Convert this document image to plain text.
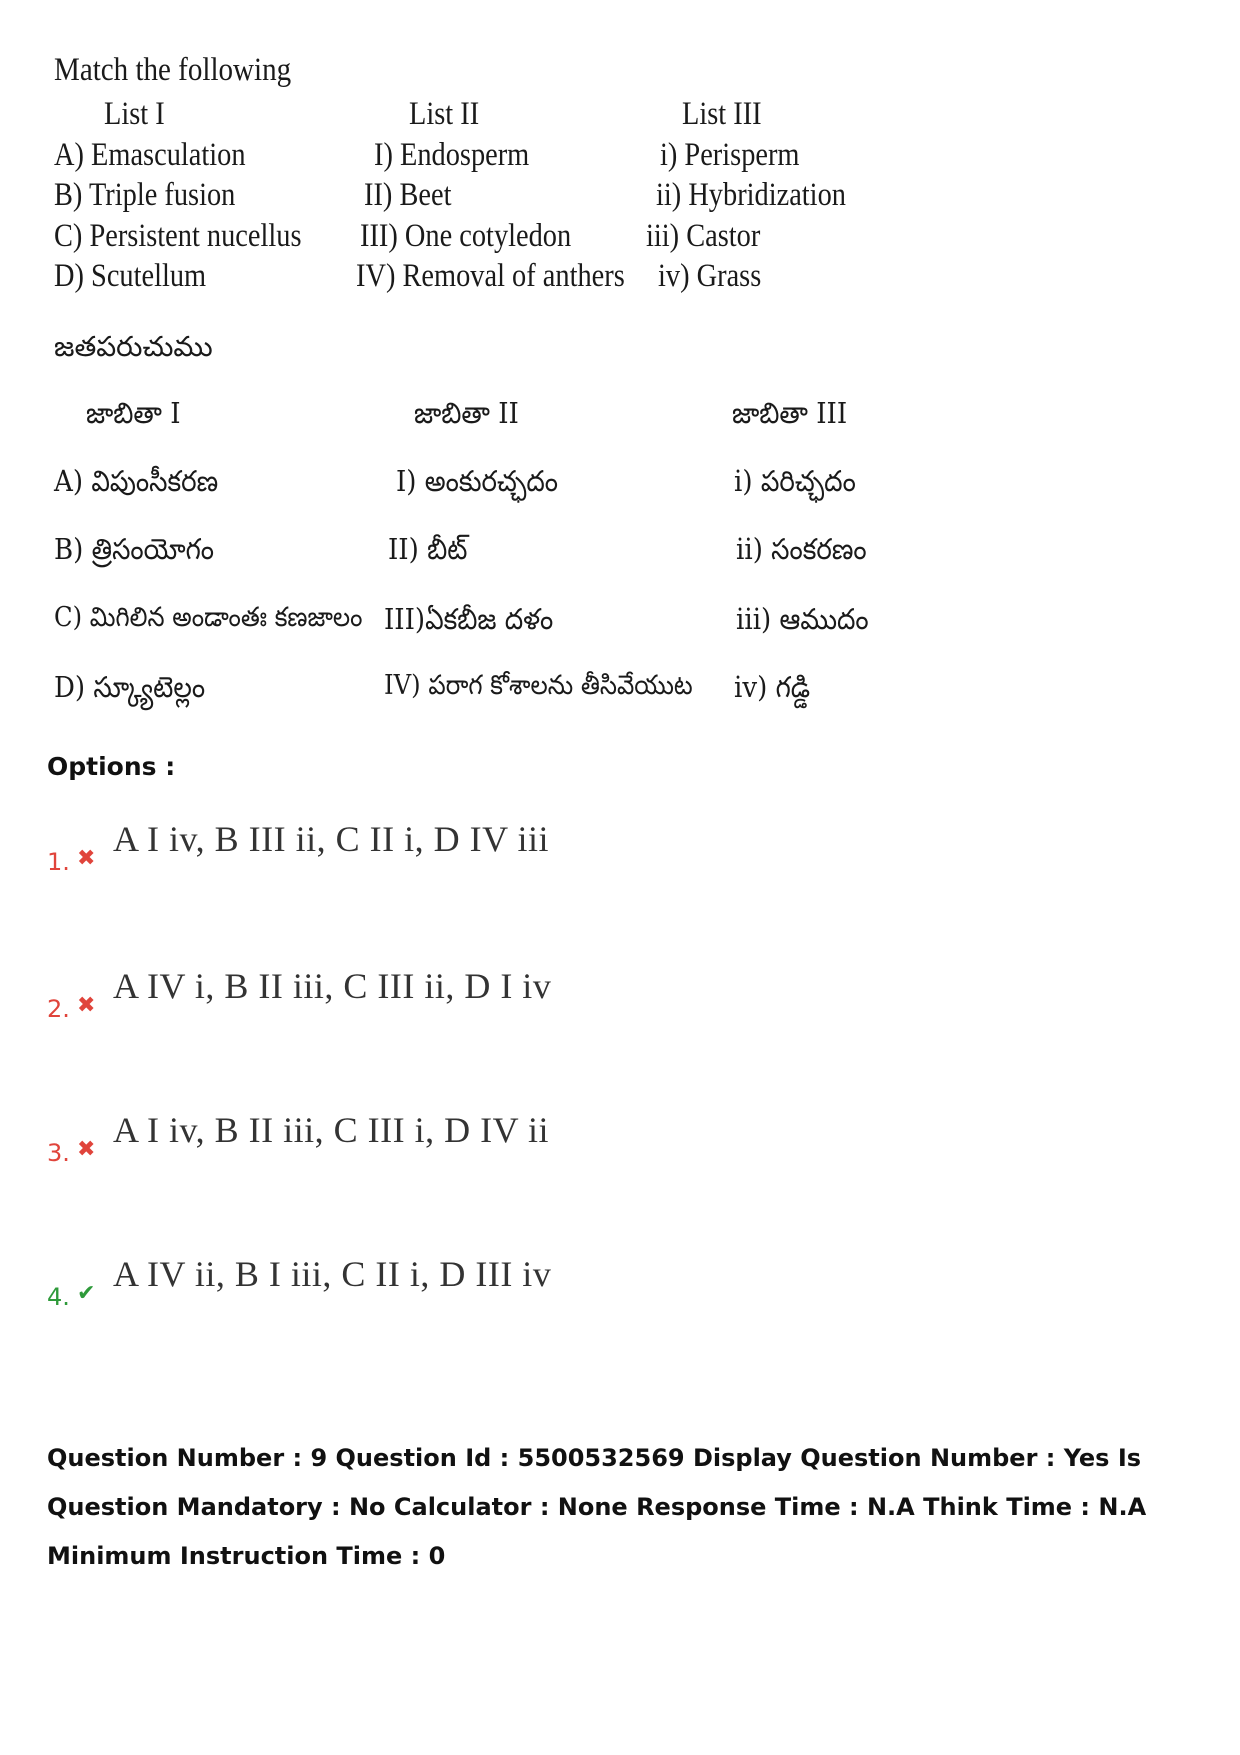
Match the following
List I	List II	List III
A) Emasculation	I) Endosperm	i) Perisperm
B) Triple fusion	II) Beet	ii) Hybridization
C) Persistent nucellus III) One cotyledon iii) Castor
D) Scutellum	IV) Removal of anthers iv) Grass
జతపరుచుము
జాబితా I	జాబితా II	జాబితా III
A) విపుంసీకరణ	I) అంకురచ్ఛదం	i) పరిచ్ఛదం
B) త్రిసంయోగం	II) బీట్	ii) సంకరణం
C) మిగిలిన అండాంతః కణజాలం III)ఏకబీజ దళం	iii) ఆముదం
D) స్క్యూటెల్లం	IV) పరాగ కోశాలను తీసివేయుట iv) గడ్డి
Options :
1. ✖ A I iv, B III ii, C II i, D IV iii
2. ✖ A IV i, B II iii, C III ii, D I iv
3. ✖ A I iv, B II iii, C III i, D IV ii
4. ✔ A IV ii, B I iii, C II i, D III iv
Question Number : 9 Question Id : 5500532569 Display Question Number : Yes Is Question Mandatory : No Calculator : None Response Time : N.A Think Time : N.A Minimum Instruction Time : 0
